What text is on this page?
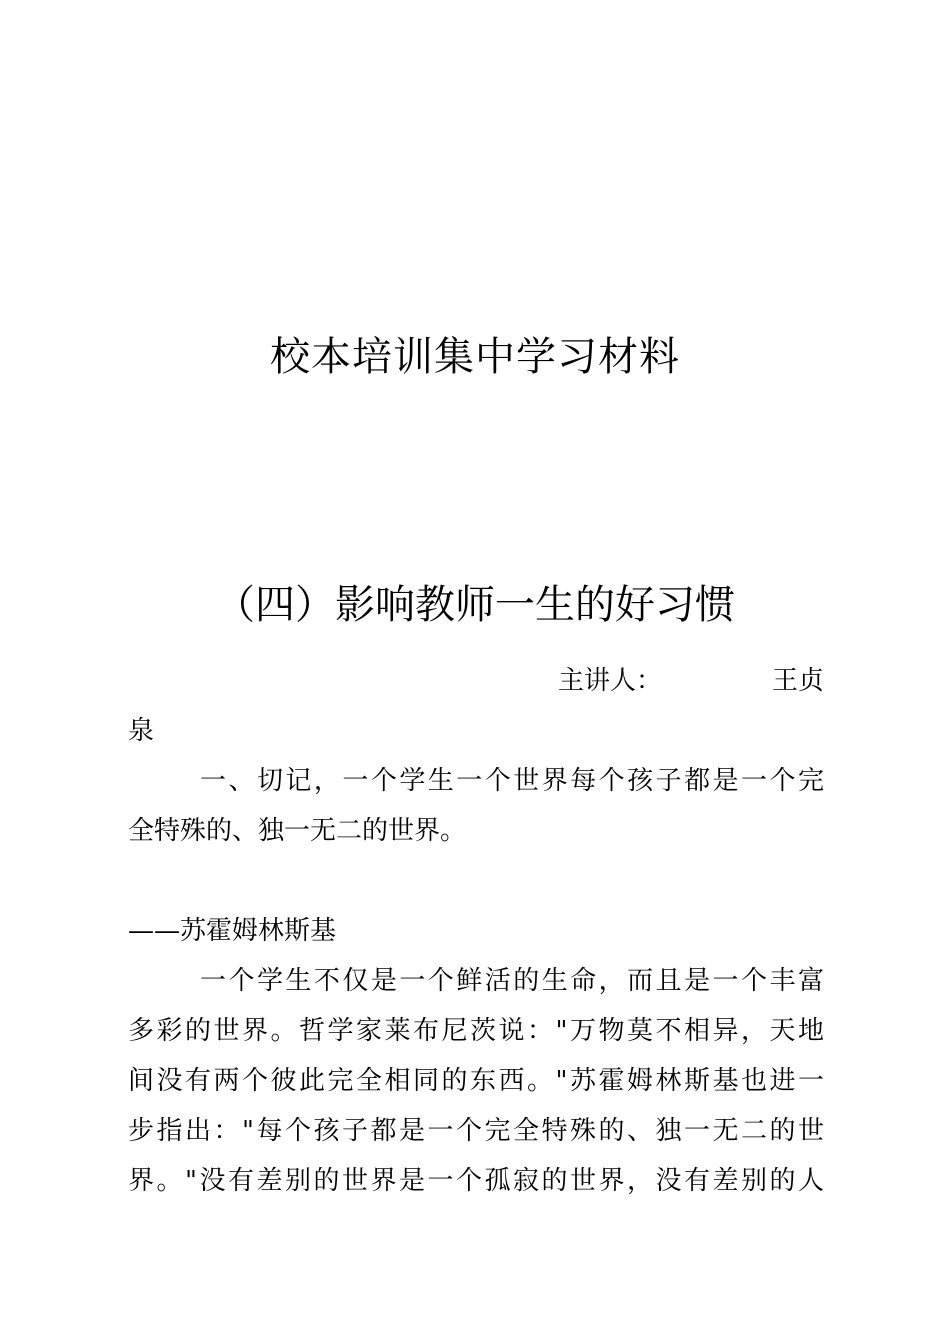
校本培训集中学习材料
（四）影响教师一生的好习惯
主讲人：	王贞
泉
一、切记，一个学生一个世界每个孩子都是一个完
全特殊的、独一无二的世界。
——苏霍姆林斯基
一个学生不仅是一个鲜活的生命，而且是一个丰富
多彩的世界。哲学家莱布尼茨说："万物莫不相异，天地
间没有两个彼此完全相同的东西。"苏霍姆林斯基也进一
步指出："每个孩子都是一个完全特殊的、独一无二的世
界。"没有差别的世界是一个孤寂的世界，没有差别的人
